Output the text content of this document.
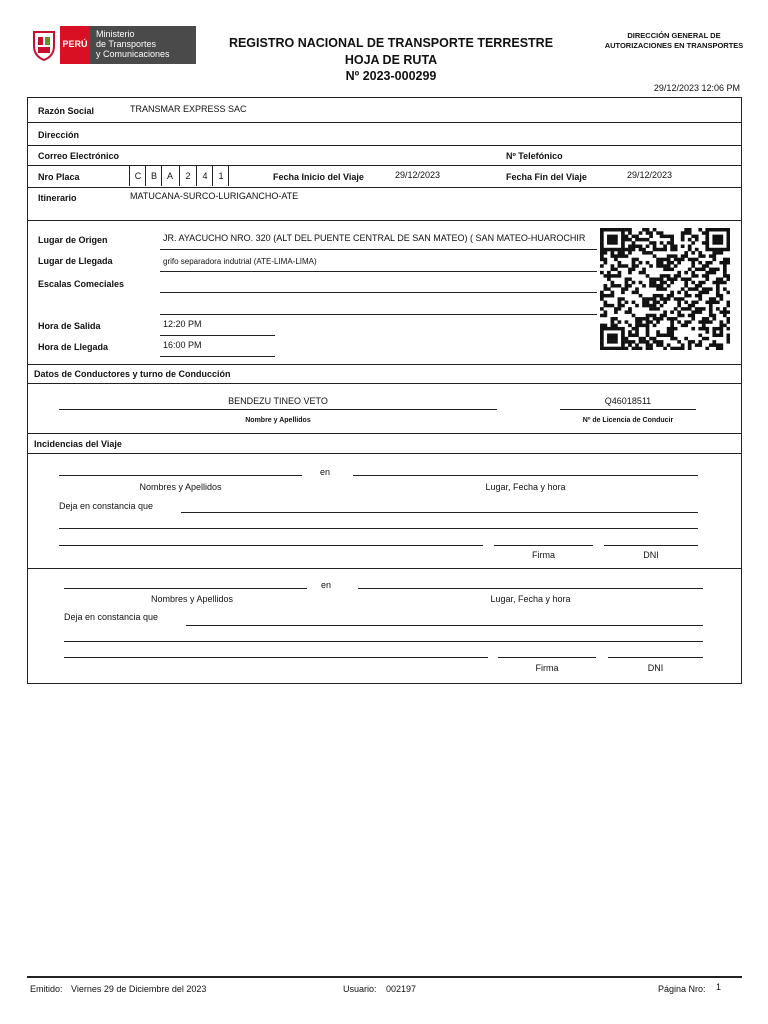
PERÚ
Ministerio
de Transportes
y Comunicaciones
REGISTRO NACIONAL DE TRANSPORTE TERRESTRE
HOJA DE RUTA
Nº 2023-000299
DIRECCIÓN GENERAL DE
AUTORIZACIONES EN TRANSPORTES
29/12/2023 12:06 PM
Razón Social	TRANSMAR EXPRESS SAC
Dirección
Correo Electrónico	Nº Telefónico
Nro Placa	C	B	A	2	4	1	Fecha Inicio del Viaje	29/12/2023	Fecha Fin del Viaje	29/12/2023
Itinerario	MATUCANA-SURCO-LURIGANCHO-ATE
Lugar de Origen	JR. AYACUCHO NRO. 320 (ALT DEL PUENTE CENTRAL DE SAN MATEO) ( SAN MATEO-HUAROCHIR
Lugar de Llegada	grifo separadora indutrial (ATE-LIMA-LIMA)
Escalas Comeciales
Hora de Salida	12:20 PM
Hora de Llegada	16:00 PM
Datos de Conductores y turno de Conducción
BENDEZU TINEO VETO
Nombre y Apellidos
Q46018511
Nº de Licencia de Conducir
Incidencias del Viaje
en
Nombres y Apellidos	Lugar, Fecha y hora
Deja en constancia que
Firma	DNI
en
Nombres y Apellidos	Lugar, Fecha y hora
Deja en constancia que
Firma	DNI
Emitido: Viernes 29 de Diciembre del 2023	Usuario: 002197	Página Nro: 1
